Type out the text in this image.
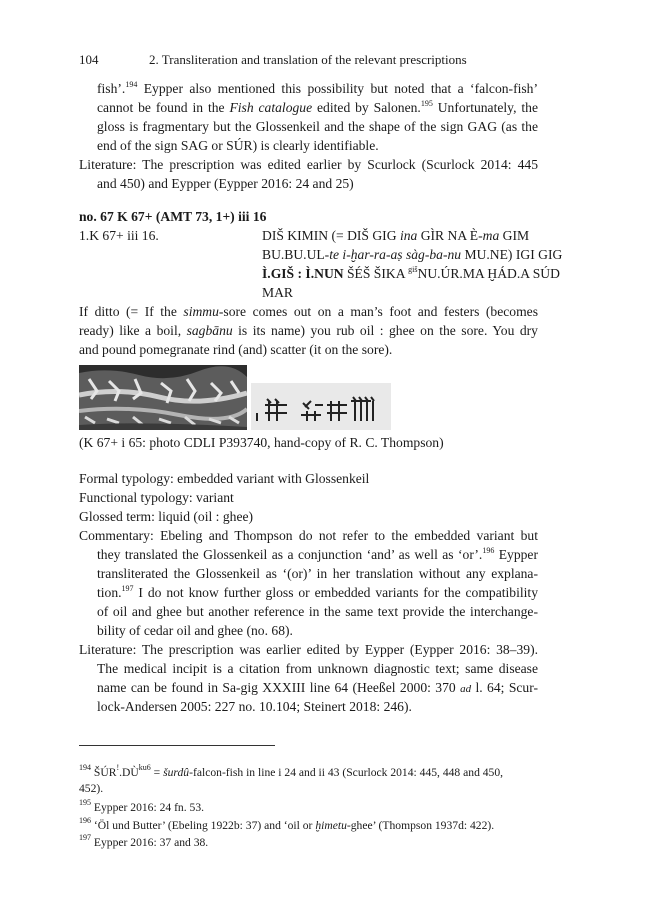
104	2. Transliteration and translation of the relevant prescriptions
fish’.$^{194}$ Eypper also mentioned this possibility but noted that a ‘falcon-fish’
cannot be found in the Fish catalogue edited by Salonen.$^{195}$ Unfortunately, the
gloss is fragmentary but the Glossenkeil and the shape of the sign GAG (as the
end of the sign SAG or SÚR) is clearly identifiable.
Literature: The prescription was edited earlier by Scurlock (Scurlock 2014: 445
and 450) and Eypper (Eypper 2016: 24 and 25)
no. 67 K 67+ (AMT 73, 1+) iii 16
1.K 67+ iii 16.	DIŠ KIMIN (= DIŠ GIG ina GÌR NA È-ma GIM
BU.BU.UL-te i-ḫar-ra-aṣ sàg-ba-nu MU.NE) IGI GIG
Ì.GIŠ : Ì.NUN ŠÉŠ ŠIKA $^{giš}$NU.ÚR.MA ḪÁD.A SÚD
MAR
If ditto (= If the simmu-sore comes out on a man’s foot and festers (becomes
ready) like a boil, sagbānu is its name) you rub oil : ghee on the sore. You dry
and pound pomegranate rind (and) scatter (it on the sore).
(K 67+ i 65: photo CDLI P393740, hand-copy of R. C. Thompson)
Formal typology: embedded variant with Glossenkeil
Functional typology: variant
Glossed term: liquid (oil : ghee)
Commentary: Ebeling and Thompson do not refer to the embedded variant but
they translated the Glossenkeil as a conjunction ‘and’ as well as ‘or’.$^{196}$ Eypper
transliterated the Glossenkeil as ‘(or)’ in her translation without any explana-
tion.$^{197}$ I do not know further gloss or embedded variants for the compatibility
of oil and ghee but another reference in the same text provide the interchange-
bility of cedar oil and ghee (no. 68).
Literature: The prescription was earlier edited by Eypper (Eypper 2016: 38–39).
The medical incipit is a citation from unknown diagnostic text; same disease
name can be found in Sa-gig XXXIII line 64 (Heeßel 2000: 370 ad l. 64; Scur-
lock-Andersen 2005: 227 no. 10.104; Steinert 2018: 246).
$^{194}$ $ŠÚR^!.DÙ^{ku6}$ = šurdû-falcon-fish in line i 24 and ii 43 (Scurlock 2014: 445, 448 and 450,
452).
$^{195}$ Eypper 2016: 24 fn. 53.
$^{196}$ ‘Öl und Butter’ (Ebeling 1922b: 37) and ‘oil or ḫimetu-ghee’ (Thompson 1937d: 422).
$^{197}$ Eypper 2016: 37 and 38.
